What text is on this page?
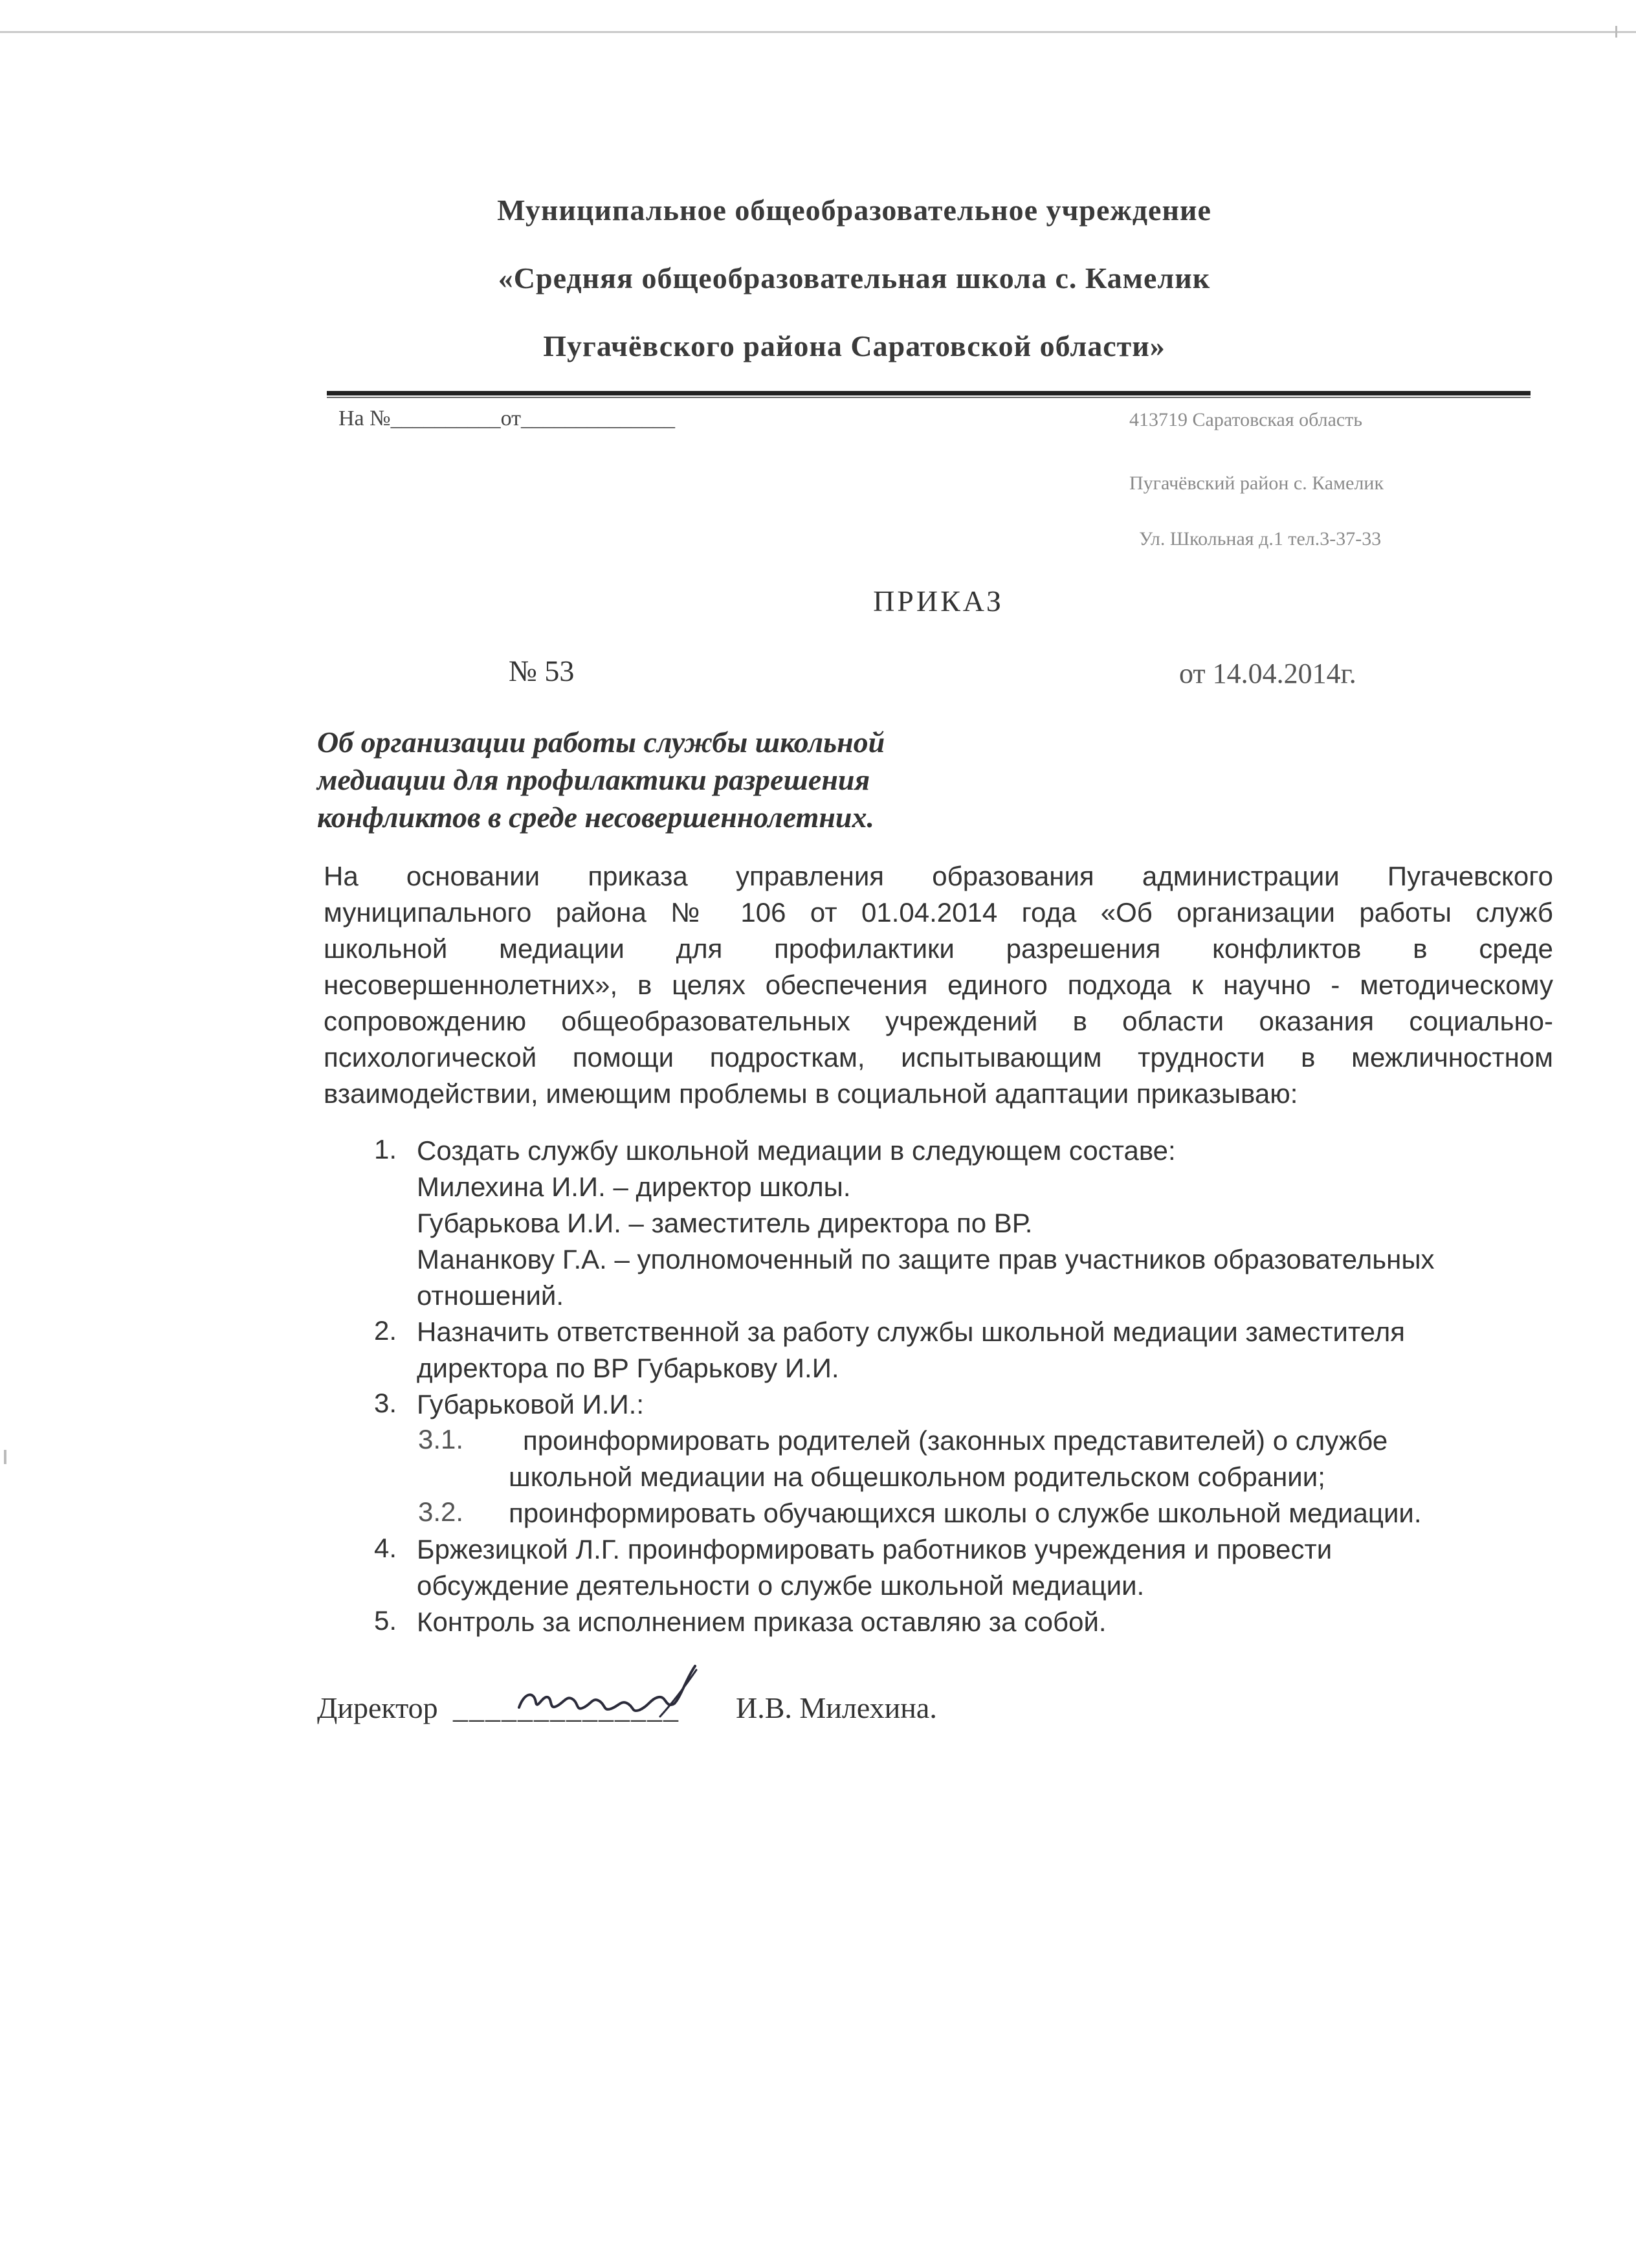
Муниципальное общеобразовательное учреждение
«Средняя общеобразовательная школа с. Камелик
Пугачёвского района Саратовской области»
На №__________от______________	413719 Саратовская область
Пугачёвский район с. Камелик
Ул. Школьная д.1 тел.3-37-33
ПРИКАЗ
№ 53	от 14.04.2014г.
Об организации работы службы школьной
медиации для профилактики разрешения
конфликтов в среде несовершеннолетних.
На основании приказа управления образования администрации Пугачевского
муниципального района № 106 от 01.04.2014 года «Об организации работы служб
школьной медиации для профилактики разрешения конфликтов в среде
несовершеннолетних», в целях обеспечения единого подхода к научно - методическому
сопровождению общеобразовательных учреждений в области оказания социально-
психологической помощи подросткам, испытывающим трудности в межличностном
взаимодействии, имеющим проблемы в социальной адаптации приказываю:
1. Создать службу школьной медиации в следующем составе:
Милехина И.И. – директор школы.
Губарькова И.И. – заместитель директора по ВР.
Мананкову Г.А. – уполномоченный по защите прав участников образовательных
отношений.
2. Назначить ответственной за работу службы школьной медиации заместителя
директора по ВР Губарькову И.И.
3. Губарьковой И.И.:
3.1. проинформировать родителей (законных представителей) о службе
школьной медиации на общешкольном родительском собрании;
3.2. проинформировать обучающихся школы о службе школьной медиации.
4. Бржезицкой Л.Г. проинформировать работников учреждения и провести
обсуждение деятельности о службе школьной медиации.
5. Контроль за исполнением приказа оставляю за собой.
Директор ______________ И.В. Милехина.
